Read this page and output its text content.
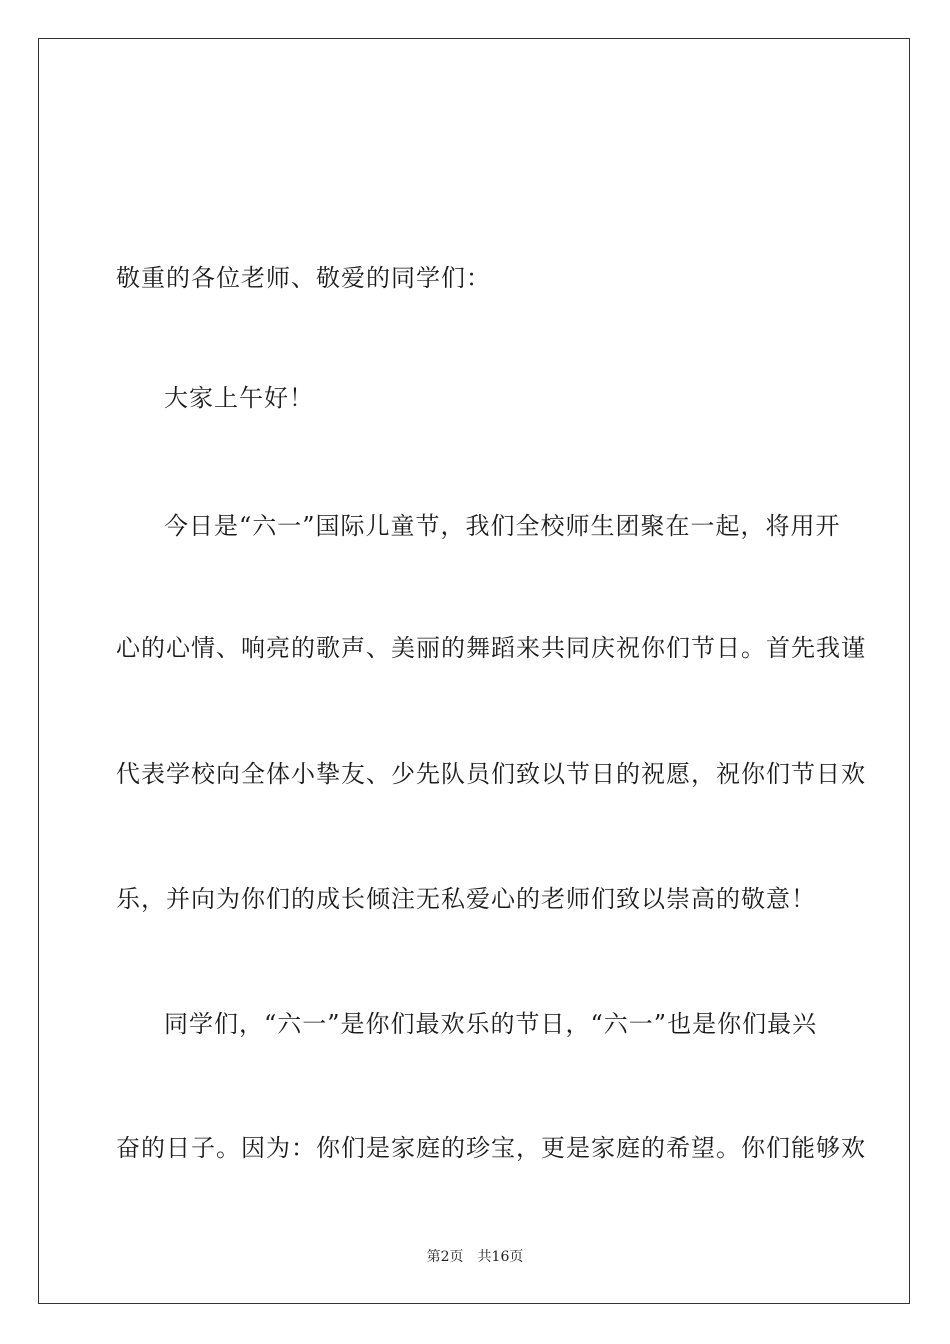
敬重的各位老师、敬爱的同学们：
大家上午好！
今日是“六一”国际儿童节，我们全校师生团聚在一起，将用开
心的心情、响亮的歌声、美丽的舞蹈来共同庆祝你们节日。首先我谨
代表学校向全体小挚友、少先队员们致以节日的祝愿，祝你们节日欢
乐，并向为你们的成长倾注无私爱心的老师们致以崇高的敬意！
同学们，“六一”是你们最欢乐的节日，“六一”也是你们最兴
奋的日子。因为：你们是家庭的珍宝，更是家庭的希望。你们能够欢
第2页 共16页
